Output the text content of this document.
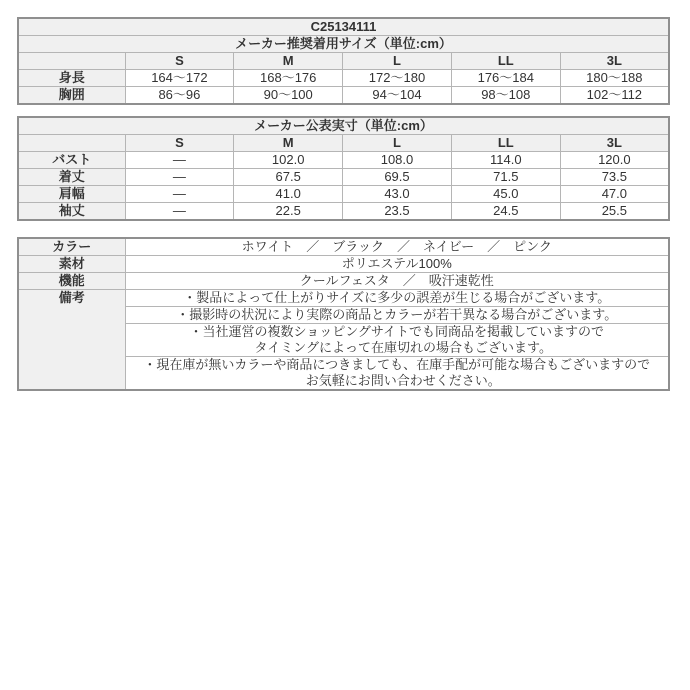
C25134111					
メーカー推奨着用サイズ（単位:cm）					
	S	M	L	LL	3L
身長	164～172	168～176	172～180	176～184	180～188
胸囲	86～96	90～100	94～104	98～108	102～112
メーカー公表実寸（単位:cm）					
	S	M	L	LL	3L
バスト	―	102.0	108.0	114.0	120.0
着丈	―	67.5	69.5	71.5	73.5
肩幅	―	41.0	43.0	45.0	47.0
袖丈	―	22.5	23.5	24.5	25.5
カラー	ホワイト　／　ブラック　／　ネイビー　／　ピンク
素材	ポリエステル100%
機能	クールフェスタ　／　吸汗速乾性
備考	・製品によって仕上がりサイズに多少の誤差が生じる場合がございます。

	・撮影時の状況により実際の商品とカラーが若干異なる場合がございます。

	・当社運営の複数ショッピングサイトでも同商品を掲載していますので
タイミングによって在庫切れの場合もございます。

	・現在庫が無いカラーや商品につきましても、在庫手配が可能な場合もございますので
お気軽にお問い合わせください。
